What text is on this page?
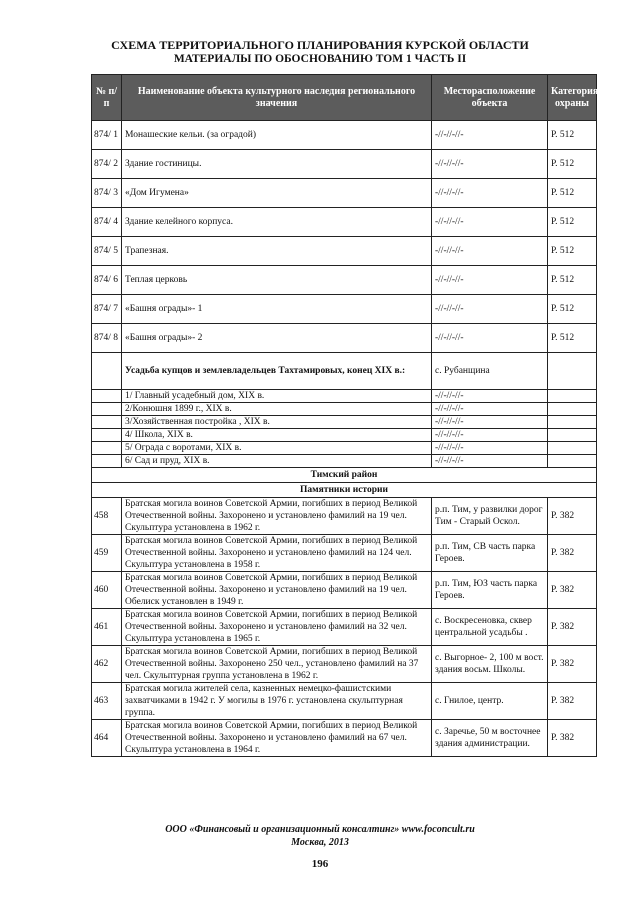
СХЕМА ТЕРРИТОРИАЛЬНОГО ПЛАНИРОВАНИЯ КУРСКОЙ ОБЛАСТИ
МАТЕРИАЛЫ ПО ОБОСНОВАНИЮ ТОМ 1 ЧАСТЬ II
№ п/п	Наименование объекта культурного наследия регионального значения	Месторасположение объекта	Категория охраны
874/ 1	Монашеские кельи. (за оградой)	-//-//-//-	Р. 512
874/ 2	Здание гостиницы.	-//-//-//-	Р. 512
874/ 3	«Дом Игумена»	-//-//-//-	Р. 512
874/ 4	Здание келейного корпуса.	-//-//-//-	Р. 512
874/ 5	Трапезная.	-//-//-//-	Р. 512
874/ 6	Теплая церковь	-//-//-//-	Р. 512
874/ 7	«Башня ограды»- 1	-//-//-//-	Р. 512
874/ 8	«Башня ограды»- 2	-//-//-//-	Р. 512
	Усадьба купцов и землевладельцев Тахтамировых, конец XIX в.:	с. Рубанщина	
	1/ Главный усадебный дом, XIX в.	-//-//-//-	
	2/Конюшня 1899 г., XIX в.	-//-//-//-	
	3/Хозяйственная постройка , XIX в.	-//-//-//-	
	4/ Школа, XIX в.	-//-//-//-	
	5/ Ограда с воротами, XIX в.	-//-//-//-	
	6/ Сад и пруд, XIX в.	-//-//-//-	
Тимский район			
Памятники истории			
458	Братская могила воинов Советской Армии, погибших в период Великой Отечественной войны. Захоронено и установлено фамилий на 19 чел. Скульптура установлена в 1962 г.	р.п. Тим, у развилки дорог Тим - Старый Оскол.	Р. 382
459	Братская могила воинов Советской Армии, погибших в период Великой Отечественной войны. Захоронено и установлено фамилий на 124 чел. Скульптура установлена в 1958 г.	р.п. Тим, СВ часть парка Героев.	Р. 382
460	Братская могила воинов Советской Армии, погибших в период Великой Отечественной войны. Захоронено и установлено фамилий на 19 чел. Обелиск установлен в 1949 г.	р.п. Тим, ЮЗ часть парка Героев.	Р. 382
461	Братская могила воинов Советской Армии, погибших в период Великой Отечественной войны. Захоронено и установлено фамилий на 32 чел. Скульптура установлена в 1965 г.	с. Воскресеновка, сквер центральной усадьбы .	Р. 382
462	Братская могила воинов Советской Армии, погибших в период Великой Отечественной войны. Захоронено 250 чел., установлено фамилий на 37 чел. Скульптурная группа установлена в 1962 г.	с. Выгорное- 2, 100 м вост. здания восьм. Школы.	Р. 382
463	Братская могила жителей села, казненных немецко-фашистскими захватчиками в 1942 г. У могилы в 1976 г. установлена скульптурная группа.	с. Гнилое, центр.	Р. 382
464	Братская могила воинов Советской Армии, погибших в период Великой Отечественной войны. Захоронено и установлено фамилий на 67 чел. Скульптура установлена в 1964 г.	с. Заречье, 50 м восточнее здания администрации.	Р. 382
ООО «Финансовый и организационный консалтинг» www.foconcult.ru
Москва, 2013
196
